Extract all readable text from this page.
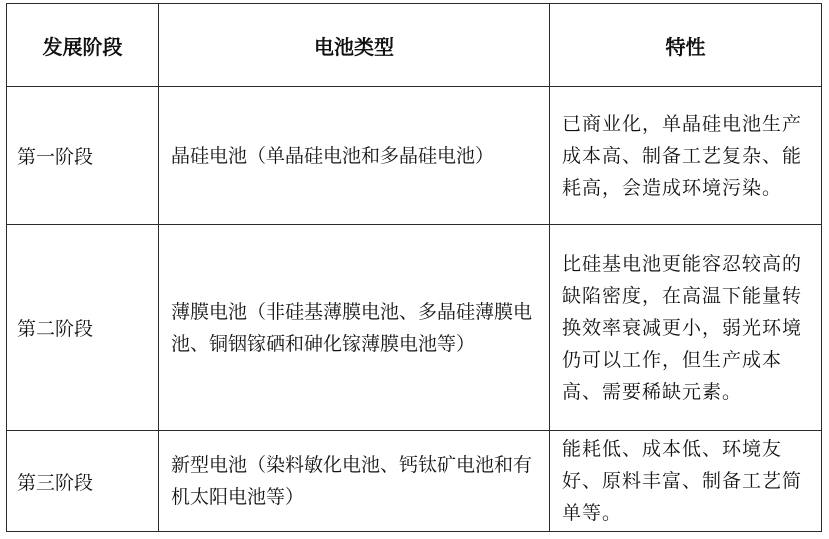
发展阶段	电池类型	特性
第一阶段	晶硅电池（单晶硅电池和多晶硅电池）	已商业化，单晶硅电池生产成本高、制备工艺复杂、能耗高，会造成环境污染。

第二阶段	薄膜电池（非硅基薄膜电池、多晶硅薄膜电池、铜铟镓硒和砷化镓薄膜电池等）	比硅基电池更能容忍较高的缺陷密度，在高温下能量转换效率衰减更小，弱光环境仍可以工作，但生产成本高、需要稀缺元素。

第三阶段	新型电池（染料敏化电池、钙钛矿电池和有机太阳电池等）	能耗低、成本低、环境友好、原料丰富、制备工艺简单等。
